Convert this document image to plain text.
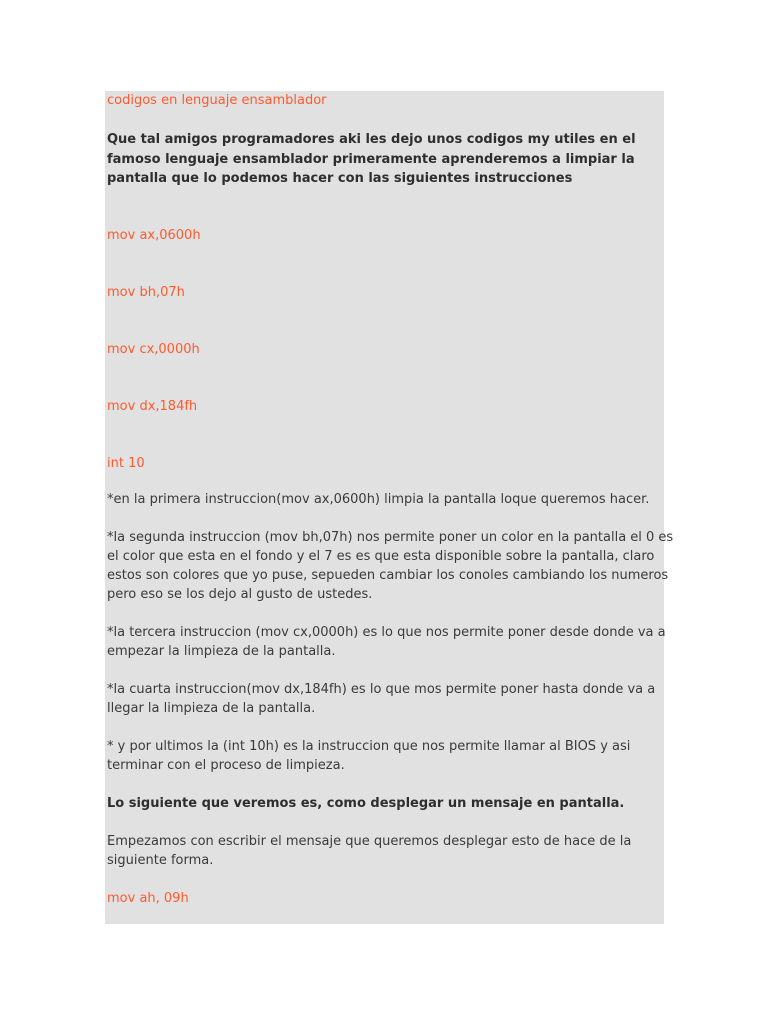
codigos en lenguaje ensamblador

Que tal amigos programadores aki les dejo unos codigos my utiles en el

famoso lenguaje ensamblador primeramente aprenderemos a limpiar la

pantalla que lo podemos hacer con las siguientes instrucciones

mov ax,0600h

mov bh,07h

mov cx,0000h

mov dx,184fh

int 10

*en la primera instruccion(mov ax,0600h) limpia la pantalla loque queremos hacer.

*la segunda instruccion (mov bh,07h) nos permite poner un color en la pantalla el 0 es

el color que esta en el fondo y el 7 es es que esta disponible sobre la pantalla, claro

estos son colores que yo puse, sepueden cambiar los conoles cambiando los numeros

pero eso se los dejo al gusto de ustedes.

*la tercera instruccion (mov cx,0000h) es lo que nos permite poner desde donde va a

empezar la limpieza de la pantalla.

*la cuarta instruccion(mov dx,184fh) es lo que mos permite poner hasta donde va a

llegar la limpieza de la pantalla.

* y por ultimos la (int 10h) es la instruccion que nos permite llamar al BIOS y asi

terminar con el proceso de limpieza.

Lo siguiente que veremos es, como desplegar un mensaje en pantalla.

Empezamos con escribir el mensaje que queremos desplegar esto de hace de la

siguiente forma.

mov ah, 09h
